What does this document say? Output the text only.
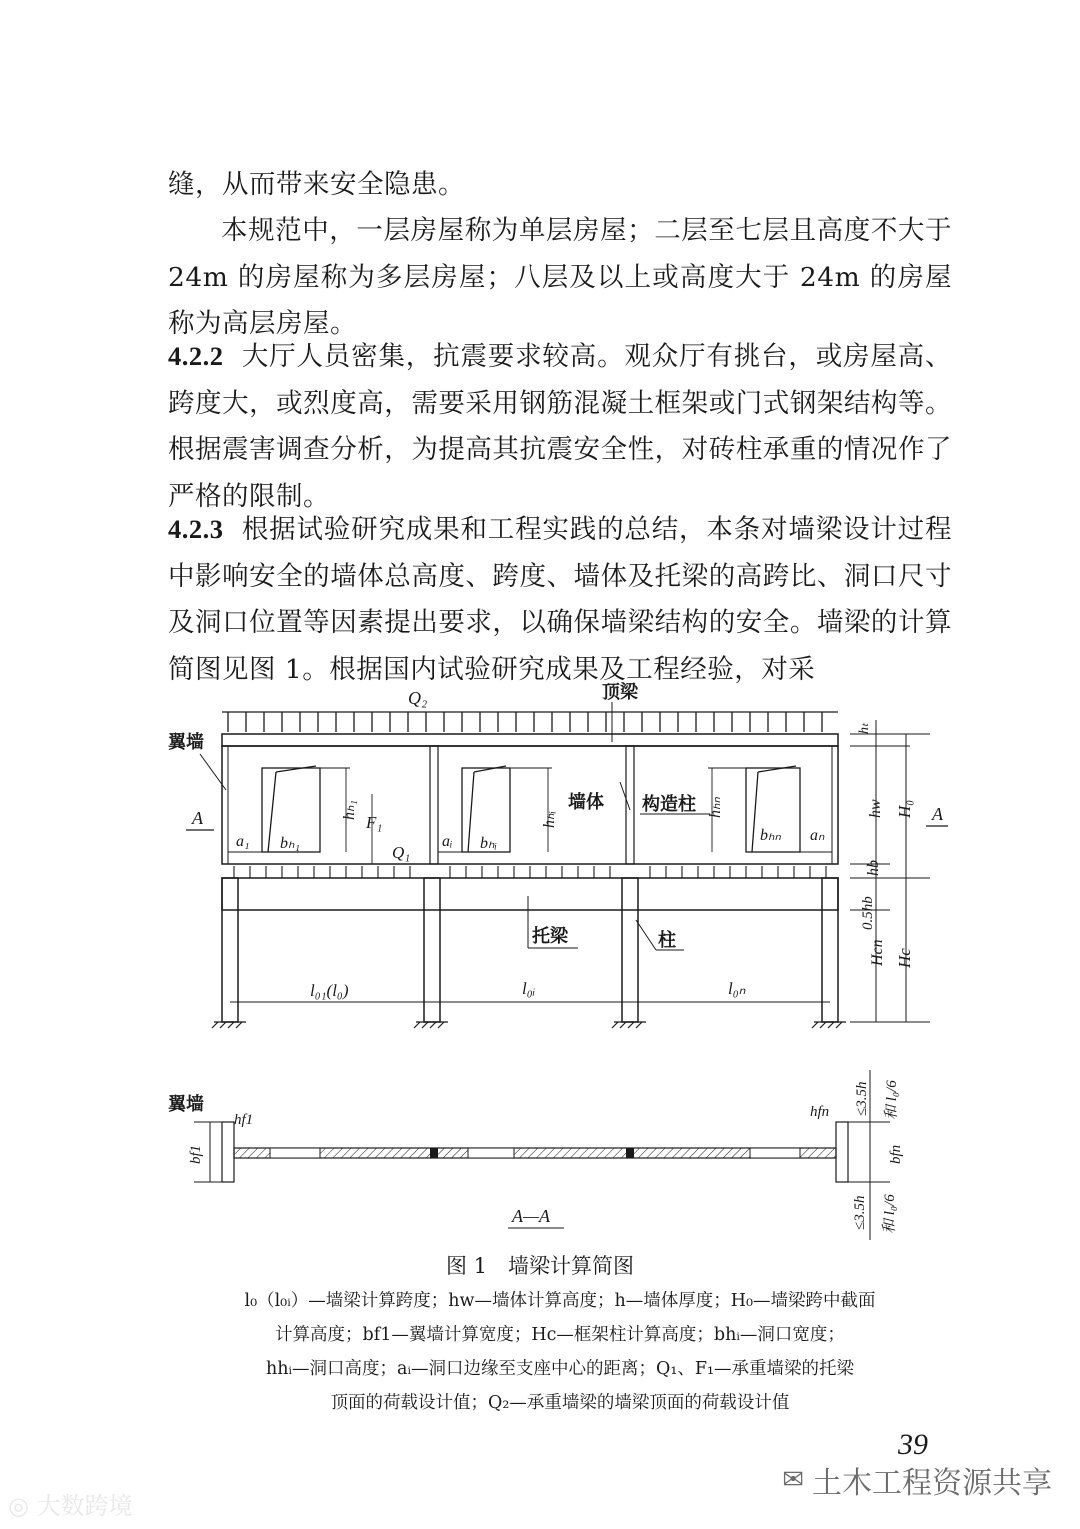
缝，从而带来安全隐患。

本规范中，一层房屋称为单层房屋；二层至七层且高度不大于 24m 的房屋称为多层房屋；八层及以上或高度大于 24m 的房屋称为高层房屋。

4.2.2 大厅人员密集，抗震要求较高。观众厅有挑台，或房屋高、跨度大，或烈度高，需要采用钢筋混凝土框架或门式钢架结构等。根据震害调查分析，为提高其抗震安全性，对砖柱承重的情况作了严格的限制。

4.2.3 根据试验研究成果和工程实践的总结，本条对墙梁设计过程中影响安全的墙体总高度、跨度、墙体及托梁的高跨比、洞口尺寸及洞口位置等因素提出要求，以确保墙梁结构的安全。墙梁的计算简图见图 1。根据国内试验研究成果及工程经验，对采

Q₂	顶梁
翼墙
a₁ bₕ₁	aᵢ bₕᵢ	bₕₙ aₙ
hₕ₁	hₕᵢ
hₕₙ
F₁
Q₁
墙体 构造柱
A	A
托梁	柱
l₀₁(l₀)	l₀ᵢ	l₀ₙ
hₜ
hw H₀
hb
0.5hb
Hcn Hc
翼墙
hf1	hfn
bf1	bfn
≤3.5h 和 l₀/6
≤3.5h 和 l₀/6
A—A
图 1　墙梁计算简图
l₀（l₀ᵢ）—墙梁计算跨度；hw—墙体计算高度；h—墙体厚度；H₀—墙梁跨中截面
计算高度；bf1—翼墙计算宽度；Hc—框架柱计算高度；bhᵢ—洞口宽度；
hhᵢ—洞口高度；aᵢ—洞口边缘至支座中心的距离；Q₁、F₁—承重墙梁的托梁
顶面的荷载设计值；Q₂—承重墙梁的墙梁顶面的荷载设计值
39
✉ 土木工程资源共享
◎ 大数跨境
